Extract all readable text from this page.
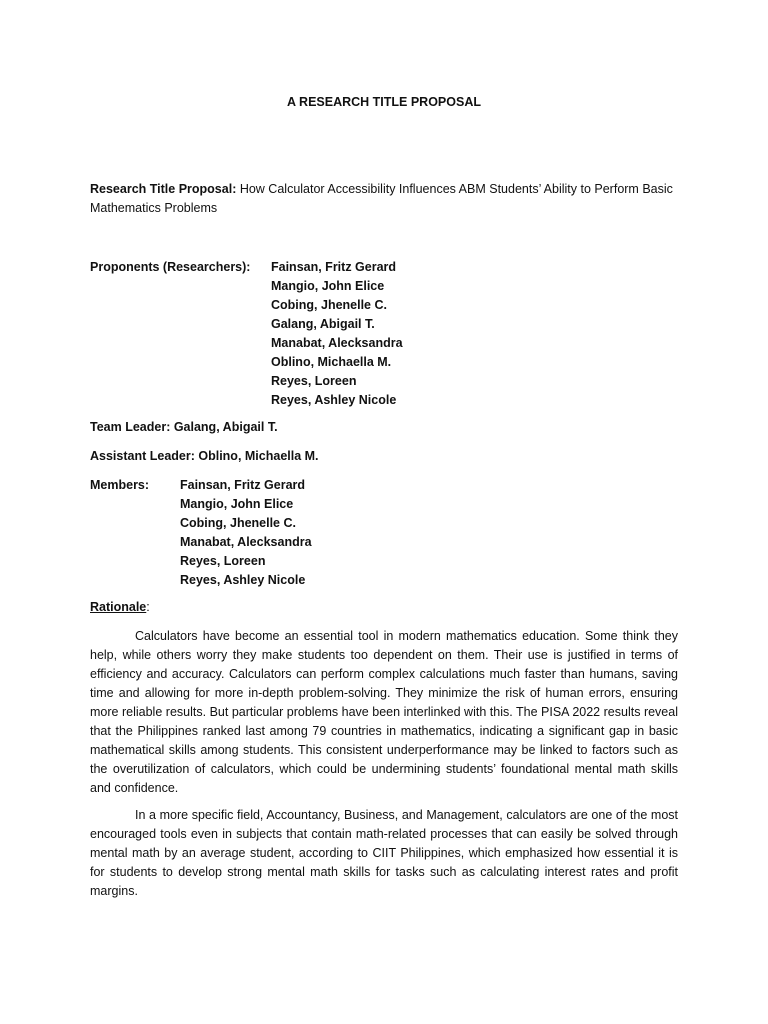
A RESEARCH TITLE PROPOSAL
Research Title Proposal: How Calculator Accessibility Influences ABM Students’ Ability to Perform Basic Mathematics Problems
Proponents (Researchers): Fainsan, Fritz Gerard
Mangio, John Elice
Cobing, Jhenelle C.
Galang, Abigail T.
Manabat, Alecksandra
Oblino, Michaella M.
Reyes, Loreen
Reyes, Ashley Nicole
Team Leader: Galang, Abigail T.
Assistant Leader: Oblino, Michaella M.
Members: Fainsan, Fritz Gerard
Mangio, John Elice
Cobing, Jhenelle C.
Manabat, Alecksandra
Reyes, Loreen
Reyes, Ashley Nicole
Rationale:

Calculators have become an essential tool in modern mathematics education. Some think they help, while others worry they make students too dependent on them. Their use is justified in terms of efficiency and accuracy. Calculators can perform complex calculations much faster than humans, saving time and allowing for more in-depth problem-solving. They minimize the risk of human errors, ensuring more reliable results. But particular problems have been interlinked with this. The PISA 2022 results reveal that the Philippines ranked last among 79 countries in mathematics, indicating a significant gap in basic mathematical skills among students. This consistent underperformance may be linked to factors such as the overutilization of calculators, which could be undermining students’ foundational mental math skills and confidence.

In a more specific field, Accountancy, Business, and Management, calculators are one of the most encouraged tools even in subjects that contain math-related processes that can easily be solved through mental math by an average student, according to CIIT Philippines, which emphasized how essential it is for students to develop strong mental math skills for tasks such as calculating interest rates and profit margins.
